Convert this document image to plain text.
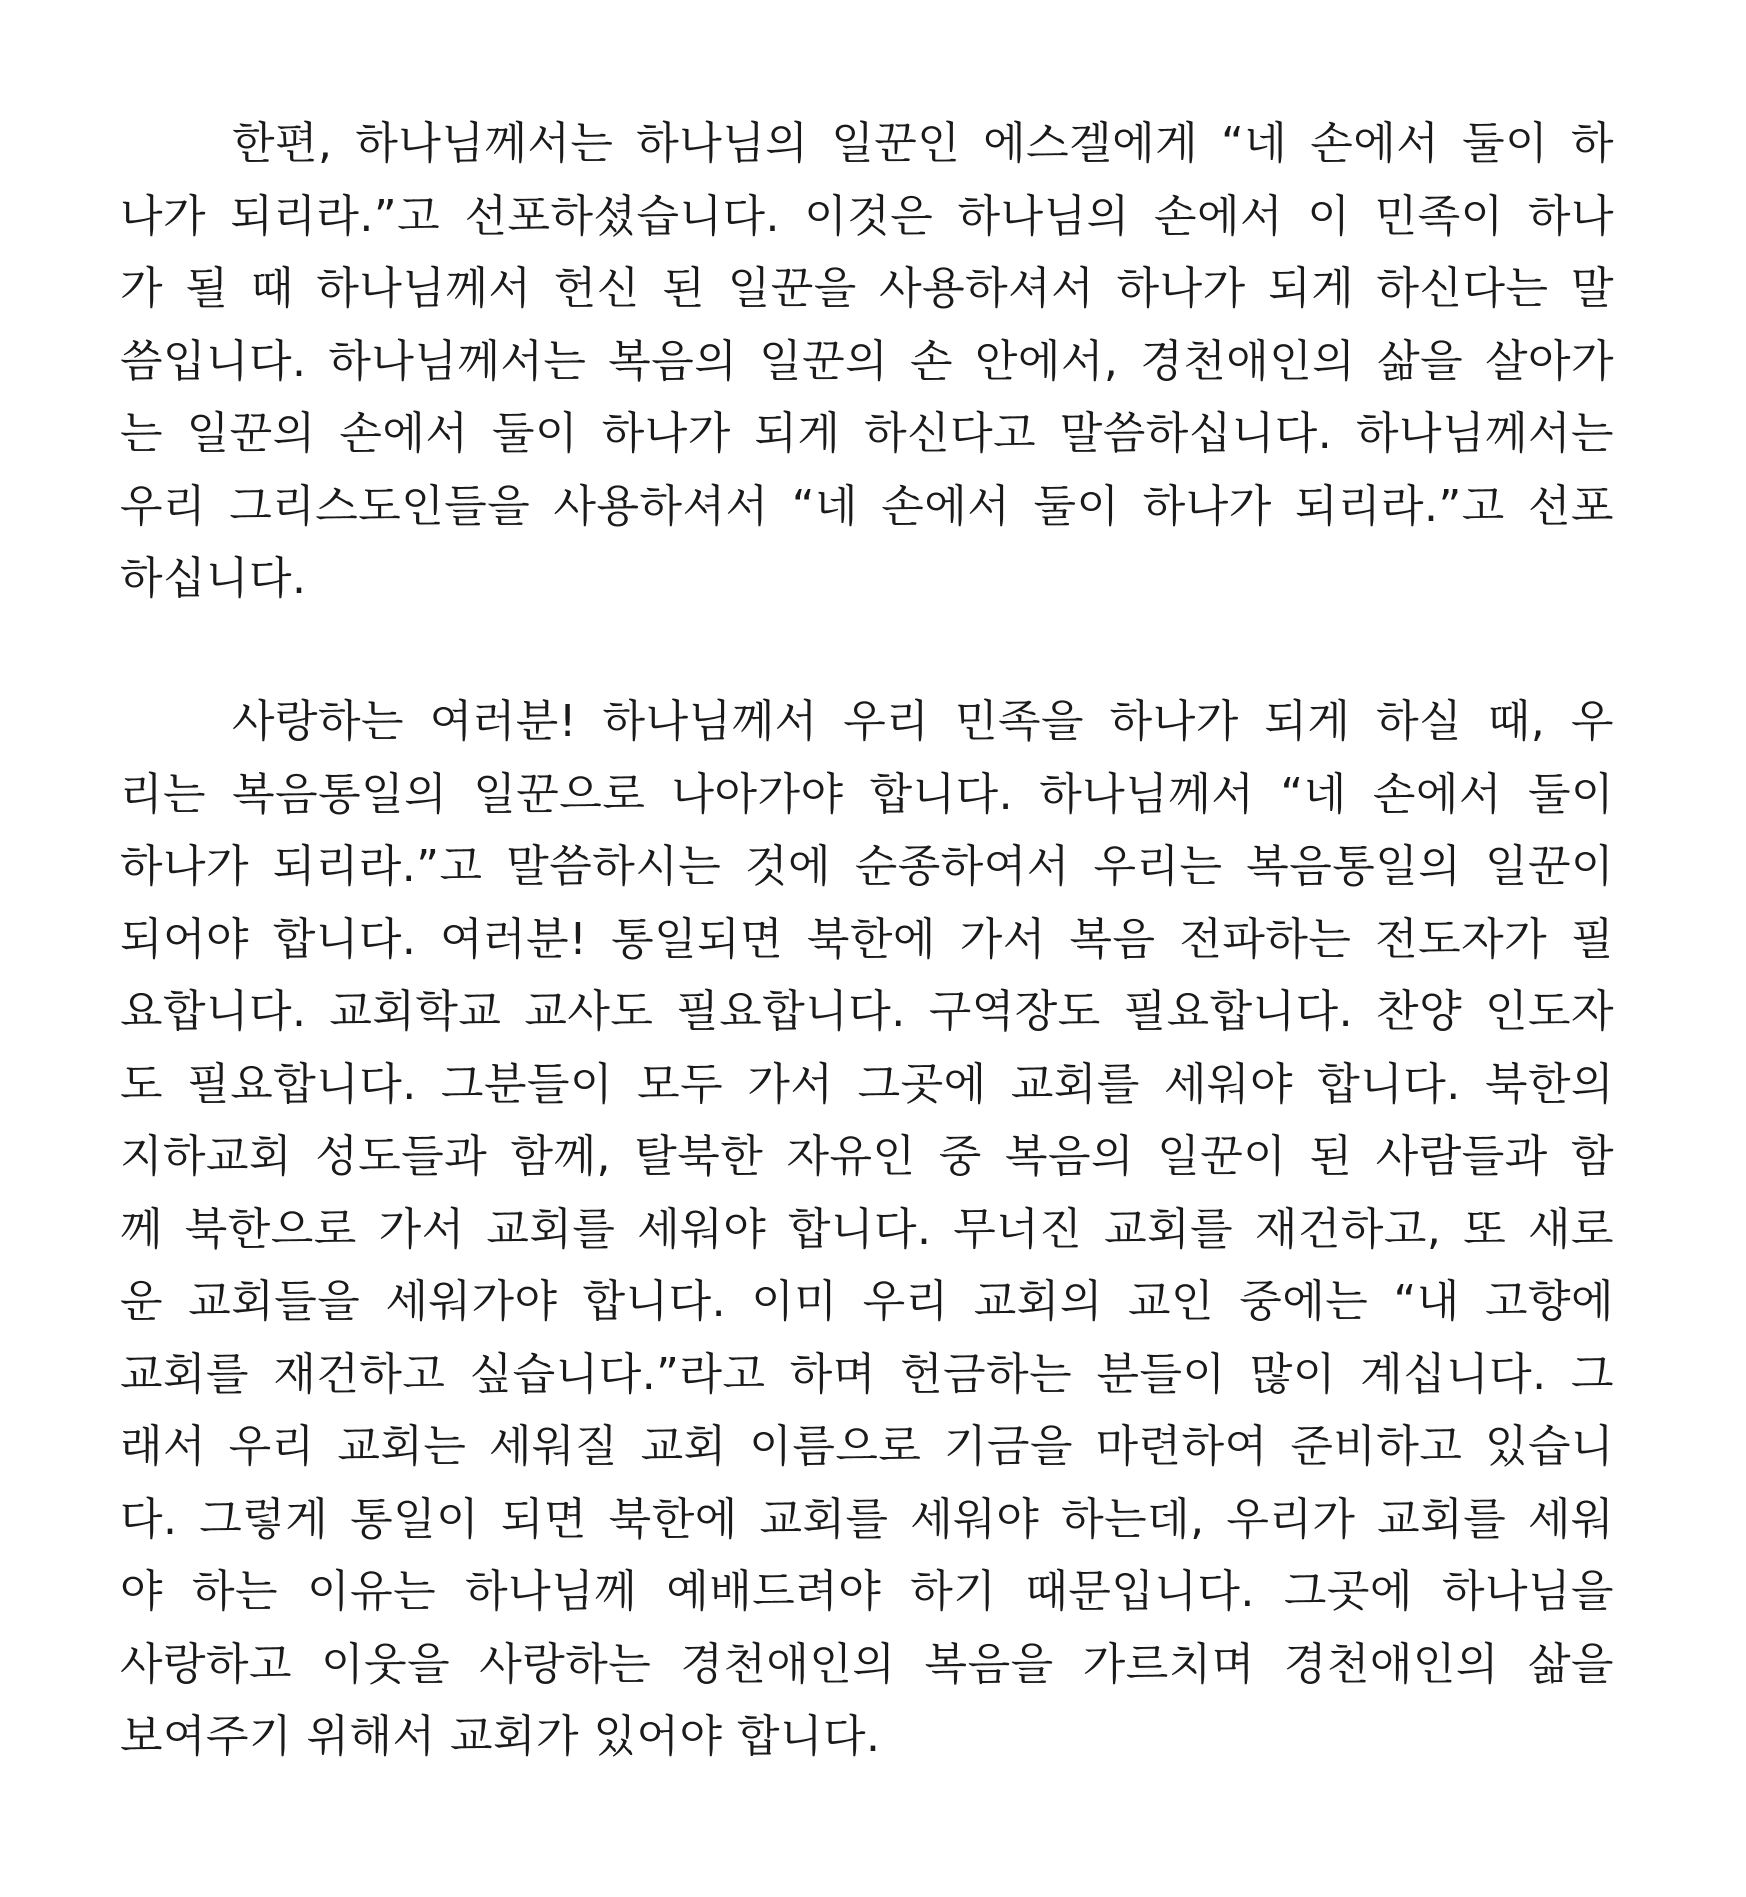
한편, 하나님께서는 하나님의 일꾼인 에스겔에게 “네 손에서 둘이 하
나가 되리라.”고 선포하셨습니다. 이것은 하나님의 손에서 이 민족이 하나
가 될 때 하나님께서 헌신 된 일꾼을 사용하셔서 하나가 되게 하신다는 말
씀입니다. 하나님께서는 복음의 일꾼의 손 안에서, 경천애인의 삶을 살아가
는 일꾼의 손에서 둘이 하나가 되게 하신다고 말씀하십니다. 하나님께서는
우리 그리스도인들을 사용하셔서 “네 손에서 둘이 하나가 되리라.”고 선포
하십니다.
사랑하는 여러분! 하나님께서 우리 민족을 하나가 되게 하실 때, 우
리는 복음통일의 일꾼으로 나아가야 합니다. 하나님께서 “네 손에서 둘이
하나가 되리라.”고 말씀하시는 것에 순종하여서 우리는 복음통일의 일꾼이
되어야 합니다. 여러분! 통일되면 북한에 가서 복음 전파하는 전도자가 필
요합니다. 교회학교 교사도 필요합니다. 구역장도 필요합니다. 찬양 인도자
도 필요합니다. 그분들이 모두 가서 그곳에 교회를 세워야 합니다. 북한의
지하교회 성도들과 함께, 탈북한 자유인 중 복음의 일꾼이 된 사람들과 함
께 북한으로 가서 교회를 세워야 합니다. 무너진 교회를 재건하고, 또 새로
운 교회들을 세워가야 합니다. 이미 우리 교회의 교인 중에는 “내 고향에
교회를 재건하고 싶습니다.”라고 하며 헌금하는 분들이 많이 계십니다. 그
래서 우리 교회는 세워질 교회 이름으로 기금을 마련하여 준비하고 있습니
다. 그렇게 통일이 되면 북한에 교회를 세워야 하는데, 우리가 교회를 세워
야 하는 이유는 하나님께 예배드려야 하기 때문입니다. 그곳에 하나님을
사랑하고 이웃을 사랑하는 경천애인의 복음을 가르치며 경천애인의 삶을
보여주기 위해서 교회가 있어야 합니다.
